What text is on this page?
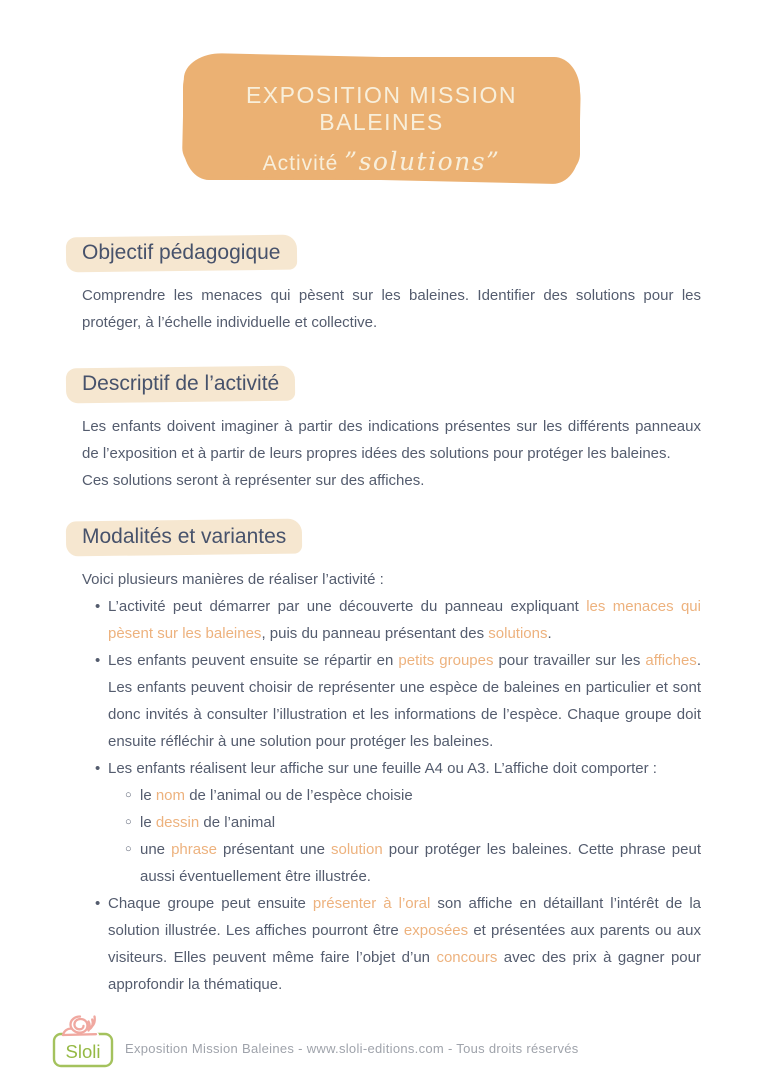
EXPOSITION MISSION BALEINES
Activité ”solutions”
Objectif pédagogique

Comprendre les menaces qui pèsent sur les baleines. Identifier des solutions pour les protéger, à l’échelle individuelle et collective.

Descriptif de l’activité

Les enfants doivent imaginer à partir des indications présentes sur les différents panneaux de l’exposition et à partir de leurs propres idées des solutions pour protéger les baleines.

Ces solutions seront à représenter sur des affiches.

Modalités et variantes

Voici plusieurs manières de réaliser l’activité :

•
L’activité peut démarrer par une découverte du panneau expliquant les menaces qui pèsent sur les baleines, puis du panneau présentant des solutions.
•
Les enfants peuvent ensuite se répartir en petits groupes pour travailler sur les affiches. Les enfants peuvent choisir de représenter une espèce de baleines en particulier et sont donc invités à consulter l’illustration et les informations de l’espèce. Chaque groupe doit ensuite réfléchir à une solution pour protéger les baleines.
•
Les enfants réalisent leur affiche sur une feuille A4 ou A3. L’affiche doit comporter :
○
le nom de l’animal ou de l’espèce choisie
○
le dessin de l’animal
○
une phrase présentant une solution pour protéger les baleines. Cette phrase peut aussi éventuellement être illustrée.
•
Chaque groupe peut ensuite présenter à l’oral son affiche en détaillant l’intérêt de la solution illustrée. Les affiches pourront être exposées et présentées aux parents ou aux visiteurs. Elles peuvent même faire l’objet d’un concours avec des prix à gagner pour approfondir la thématique.
Sloli Exposition Mission Baleines - www.sloli-editions.com - Tous droits réservés
